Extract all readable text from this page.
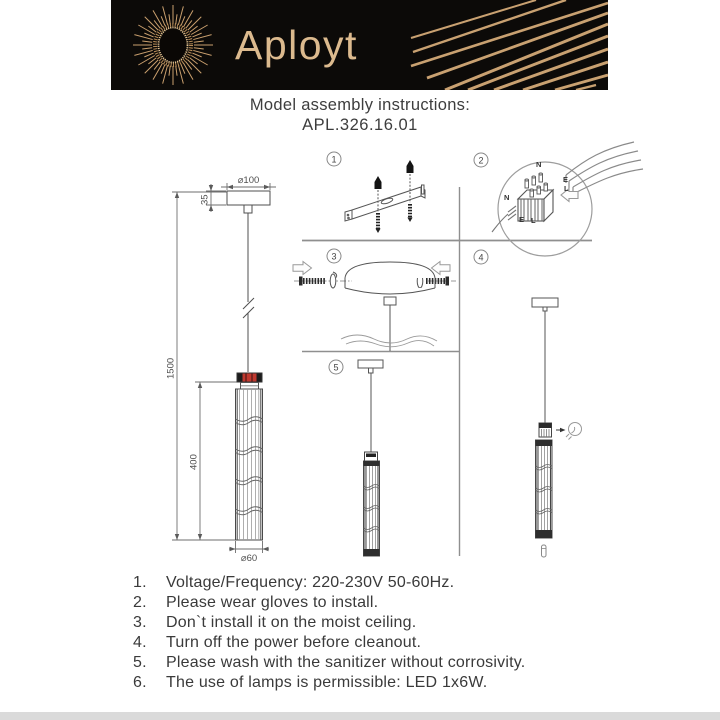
Aployt
Model assembly instructions:
APL.326.16.01
⌀100
35
1500
400
⌀60
1	2
3	4
5
N
E
L
N
E L
1.	Voltage/Frequency: 220-230V 50-60Hz.
2.	Please wear gloves to install.
3.	Don`t install it on the moist ceiling.
4.	Turn off the power before cleanout.
5.	Please wash with the sanitizer without corrosivity.
6.	The use of lamps is permissible: LED 1x6W.
